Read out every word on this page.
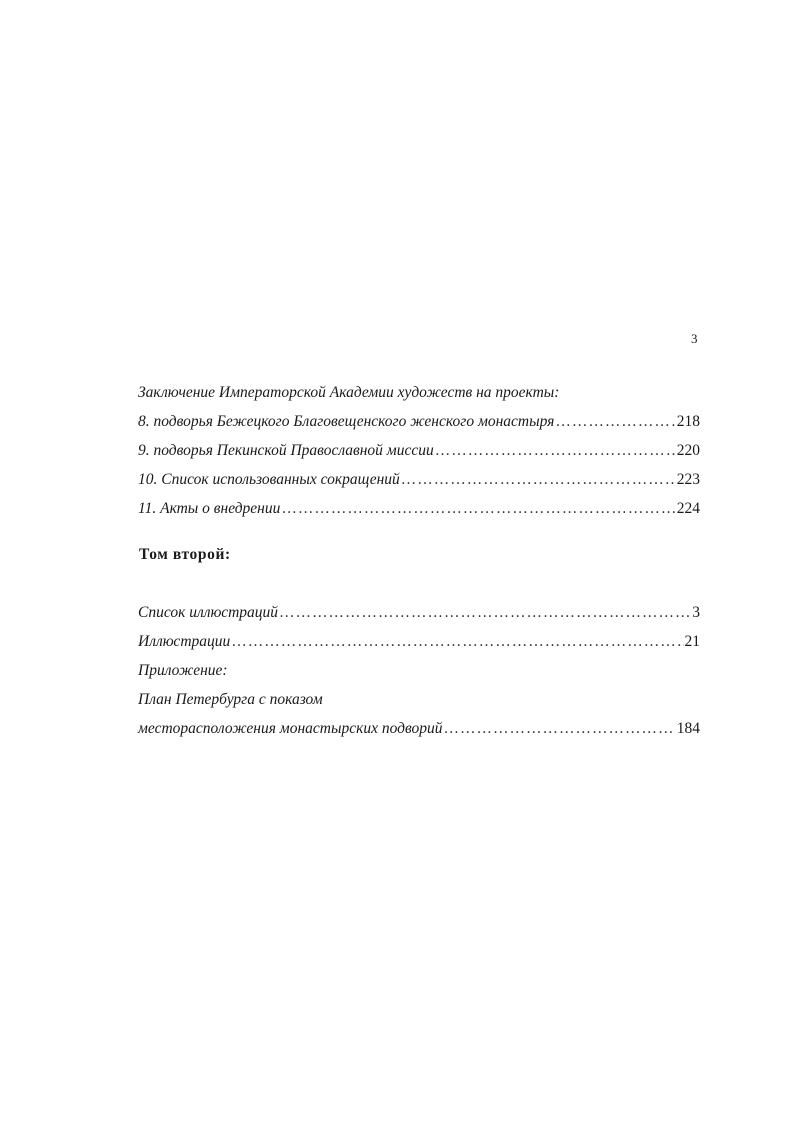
3
Заключение Императорской Академии художеств на проекты:
8. подворья Бежецкого Благовещенского женского монастыря …………………………………………………………………………………………………………………………………………………………	218
9. подворья Пекинской Православной миссии …………………………………………………………………………………………………………………………………………………………	220
10. Список использованных сокращений …………………………………………………………………………………………………………………………………………………………	223
11. Акты о внедрении …………………………………………………………………………………………………………………………………………………………	224
Том второй:
Список иллюстраций …………………………………………………………………………………………………………………………………………………………	3
Иллюстрации …………………………………………………………………………………………………………………………………………………………	21
Приложение:
План Петербурга с показом
месторасположения монастырских подворий …………………………………………………………………………………………………………………………………………………………	184
